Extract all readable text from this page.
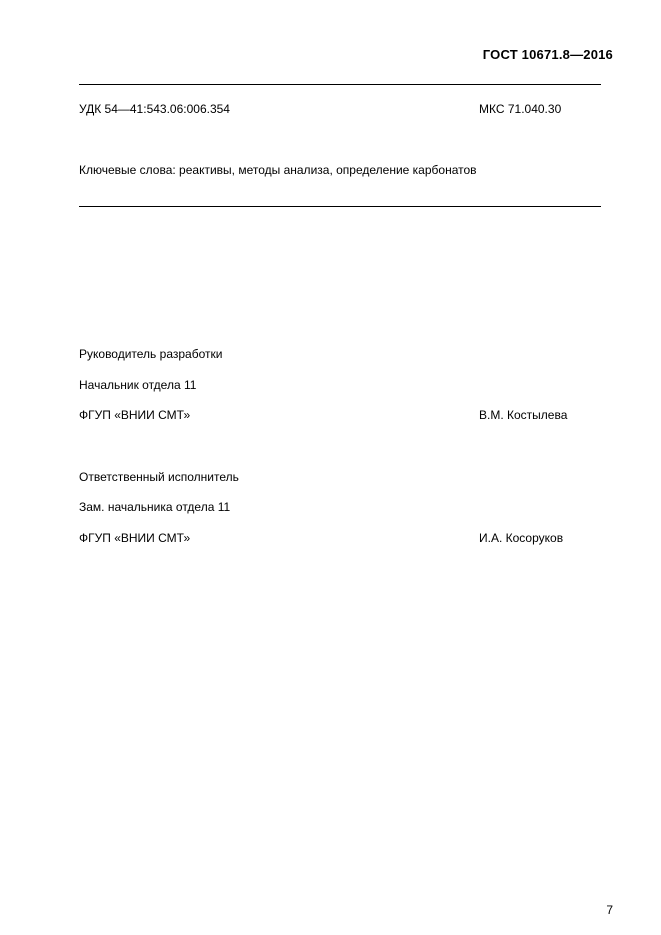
ГОСТ 10671.8—2016
УДК 54—41:543.06:006.354	МКС 71.040.30
Ключевые слова: реактивы, методы анализа, определение карбонатов
Руководитель разработки
Начальник отдела 11
ФГУП «ВНИИ СМТ»	В.М. Костылева
Ответственный исполнитель
Зам. начальника отдела 11
ФГУП «ВНИИ СМТ»	И.А. Косоруков
7
